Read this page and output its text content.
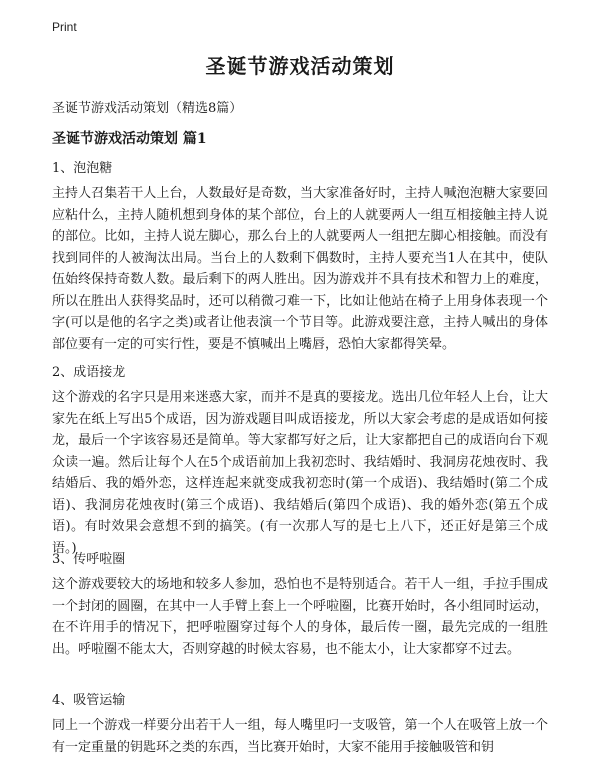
Print
圣诞节游戏活动策划
圣诞节游戏活动策划（精选8篇）
圣诞节游戏活动策划 篇1
1、泡泡糖

主持人召集若干人上台，人数最好是奇数，当大家准备好时，主持人喊泡泡糖大家要回应粘什么，主持人随机想到身体的某个部位，台上的人就要两人一组互相接触主持人说的部位。比如，主持人说左脚心，那么台上的人就要两人一组把左脚心相接触。而没有找到同伴的人被淘汰出局。当台上的人数剩下偶数时，主持人要充当1人在其中，使队伍始终保持奇数人数。最后剩下的两人胜出。因为游戏并不具有技术和智力上的难度，所以在胜出人获得奖品时，还可以稍微刁难一下，比如让他站在椅子上用身体表现一个字(可以是他的名字之类)或者让他表演一个节目等。此游戏要注意，主持人喊出的身体部位要有一定的可实行性，要是不慎喊出上嘴唇，恐怕大家都得笑晕。

2、成语接龙

这个游戏的名字只是用来迷惑大家，而并不是真的要接龙。选出几位年轻人上台，让大家先在纸上写出5个成语，因为游戏题目叫成语接龙，所以大家会考虑的是成语如何接龙，最后一个字该容易还是简单。等大家都写好之后，让大家都把自己的成语向台下观众读一遍。然后让每个人在5个成语前加上我初恋时、我结婚时、我洞房花烛夜时、我结婚后、我的婚外恋，这样连起来就变成我初恋时(第一个成语)、我结婚时(第二个成语)、我洞房花烛夜时(第三个成语)、我结婚后(第四个成语)、我的婚外恋(第五个成语)。有时效果会意想不到的搞笑。(有一次那人写的是七上八下，还正好是第三个成语。)

3、传呼啦圈

这个游戏要较大的场地和较多人参加，恐怕也不是特别适合。若干人一组，手拉手围成一个封闭的圆圈，在其中一人手臂上套上一个呼啦圈，比赛开始时，各小组同时运动，在不许用手的情况下，把呼啦圈穿过每个人的身体，最后传一圈，最先完成的一组胜出。呼啦圈不能太大，否则穿越的时候太容易，也不能太小，让大家都穿不过去。

4、吸管运输

同上一个游戏一样要分出若干人一组，每人嘴里叼一支吸管，第一个人在吸管上放一个有一定重量的钥匙环之类的东西，当比赛开始时，大家不能用手接触吸管和钥
